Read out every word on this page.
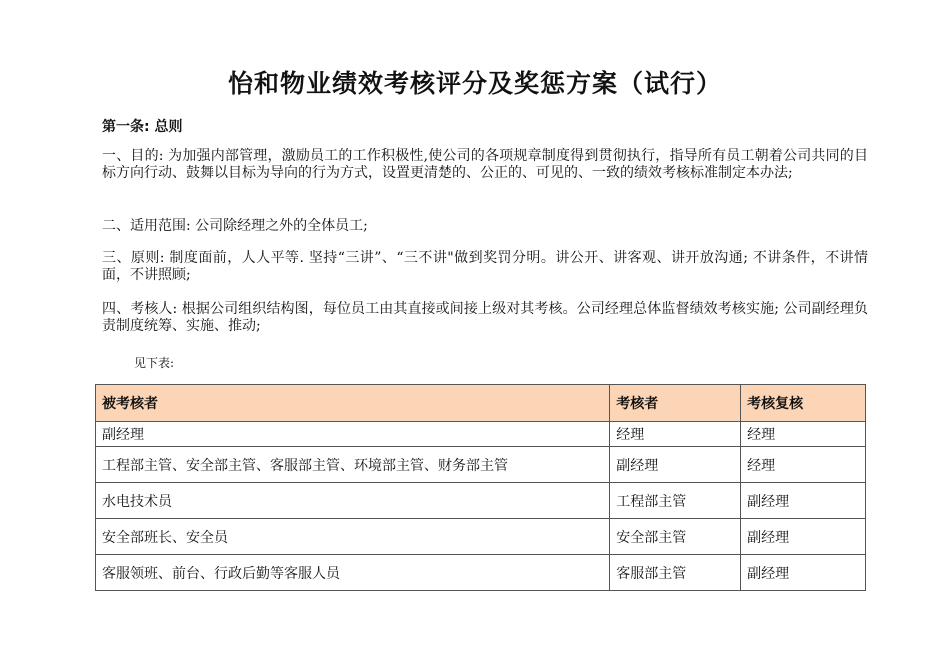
怡和物业绩效考核评分及奖惩方案（试行）

第一条: 总则

一、目的: 为加强内部管理，激励员工的工作积极性,使公司的各项规章制度得到贯彻执行，指导所有员工朝着公司共同的目标方向行动、鼓舞以目标为导向的行为方式，设置更清楚的、公正的、可见的、一致的绩效考核标准制定本办法;

二、适用范围: 公司除经理之外的全体员工;

三、原则: 制度面前，人人平等. 坚持“三讲”、“三不讲"做到奖罚分明。讲公开、讲客观、讲开放沟通; 不讲条件，不讲情面，不讲照顾;

四、考核人: 根据公司组织结构图，每位员工由其直接或间接上级对其考核。公司经理总体监督绩效考核实施; 公司副经理负责制度统筹、实施、推动;

见下表:

被考核者	考核者	考核复核
副经理	经理	经理
工程部主管、安全部主管、客服部主管、环境部主管、财务部主管	副经理	经理
水电技术员	工程部主管	副经理
安全部班长、安全员	安全部主管	副经理
客服领班、前台、行政后勤等客服人员	客服部主管	副经理
